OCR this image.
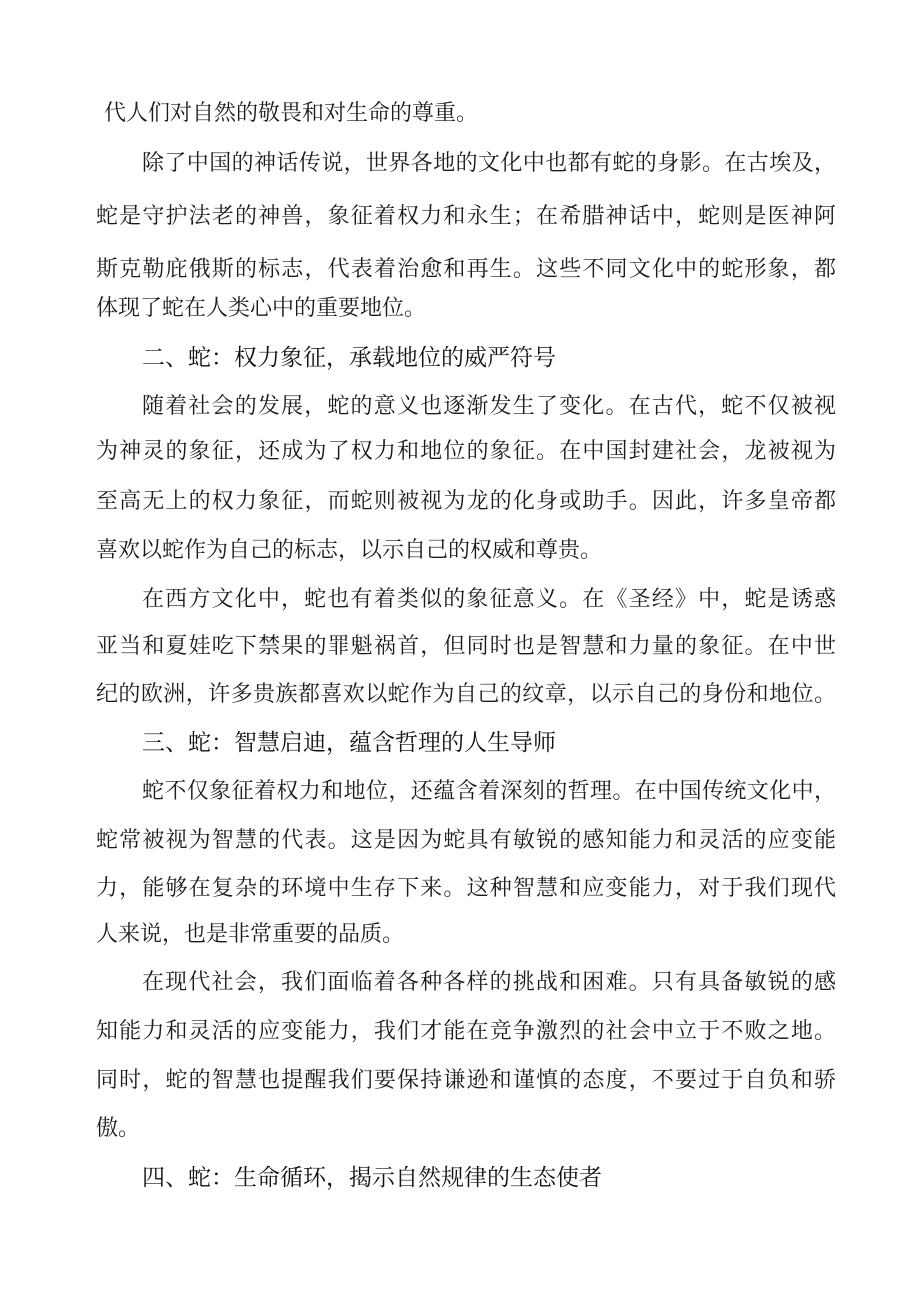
代人们对自然的敬畏和对生命的尊重。

除了中国的神话传说，世界各地的文化中也都有蛇的身影。在古埃及，

蛇是守护法老的神兽，象征着权力和永生；在希腊神话中，蛇则是医神阿

斯克勒庇俄斯的标志，代表着治愈和再生。这些不同文化中的蛇形象，都

体现了蛇在人类心中的重要地位。

二、蛇：权力象征，承载地位的威严符号

随着社会的发展，蛇的意义也逐渐发生了变化。在古代，蛇不仅被视

为神灵的象征，还成为了权力和地位的象征。在中国封建社会，龙被视为

至高无上的权力象征，而蛇则被视为龙的化身或助手。因此，许多皇帝都

喜欢以蛇作为自己的标志，以示自己的权威和尊贵。

在西方文化中，蛇也有着类似的象征意义。在《圣经》中，蛇是诱惑

亚当和夏娃吃下禁果的罪魁祸首，但同时也是智慧和力量的象征。在中世

纪的欧洲，许多贵族都喜欢以蛇作为自己的纹章，以示自己的身份和地位。

三、蛇：智慧启迪，蕴含哲理的人生导师

蛇不仅象征着权力和地位，还蕴含着深刻的哲理。在中国传统文化中，

蛇常被视为智慧的代表。这是因为蛇具有敏锐的感知能力和灵活的应变能

力，能够在复杂的环境中生存下来。这种智慧和应变能力，对于我们现代

人来说，也是非常重要的品质。

在现代社会，我们面临着各种各样的挑战和困难。只有具备敏锐的感

知能力和灵活的应变能力，我们才能在竞争激烈的社会中立于不败之地。

同时，蛇的智慧也提醒我们要保持谦逊和谨慎的态度，不要过于自负和骄

傲。

四、蛇：生命循环，揭示自然规律的生态使者
